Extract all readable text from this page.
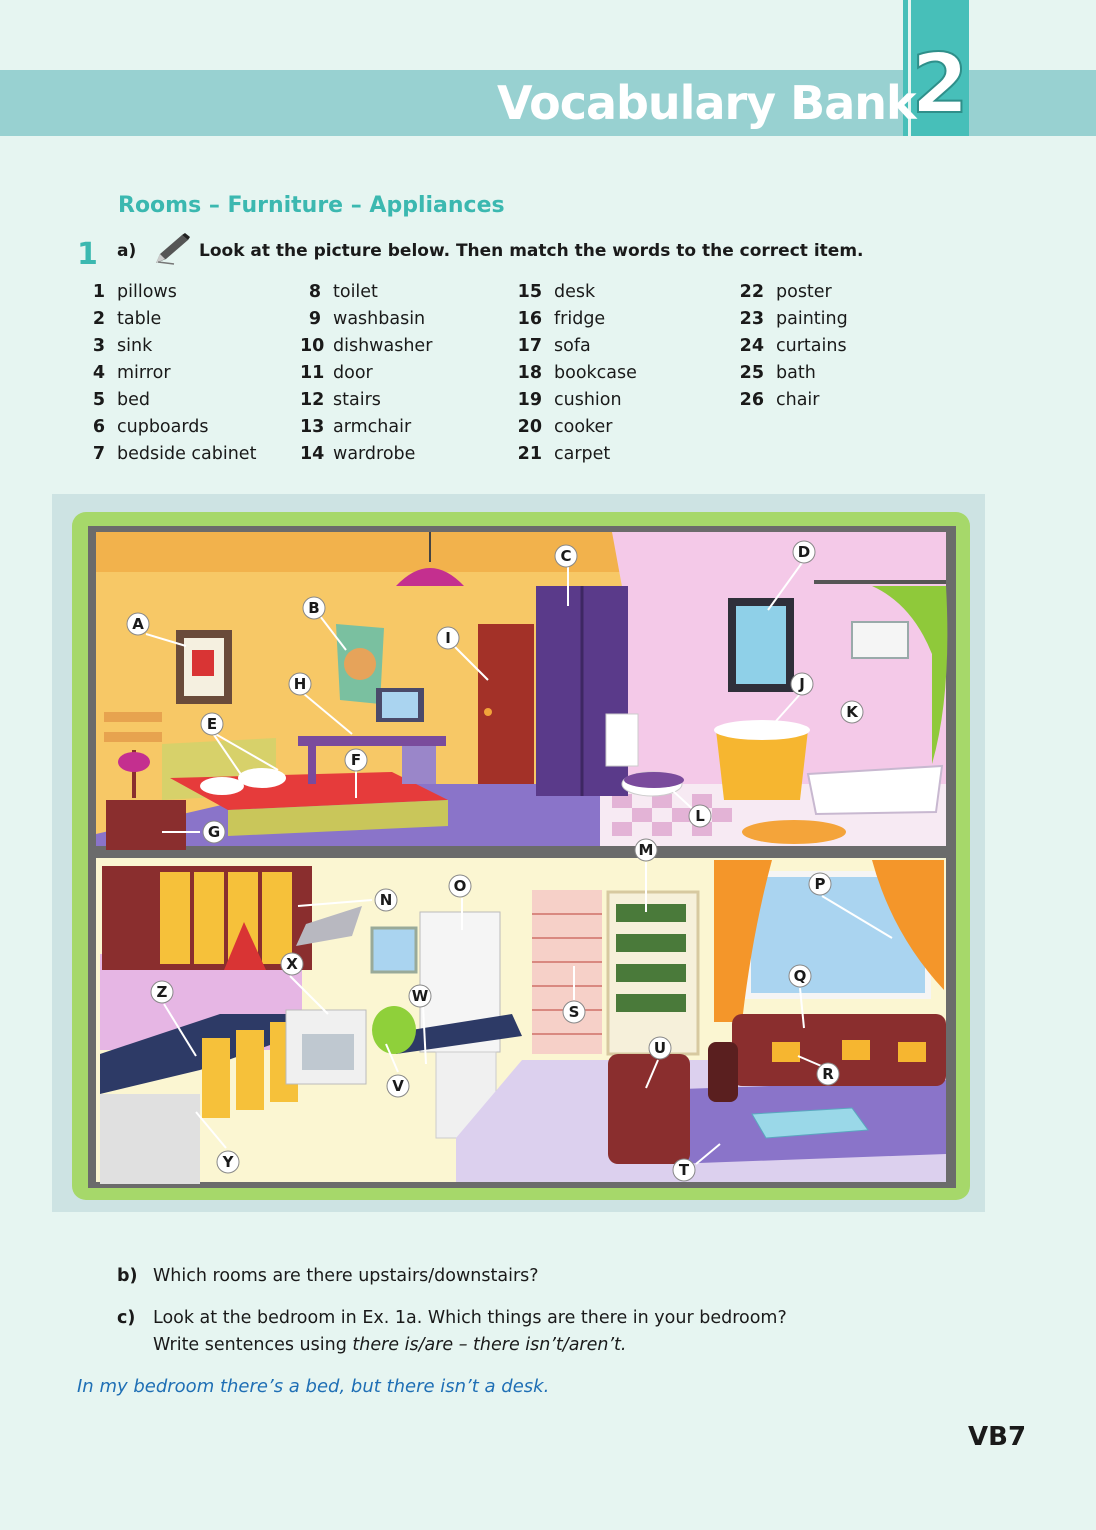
2
Vocabulary Bank
Rooms – Furniture – Appliances
1 a)	Look at the picture below. Then match the words to the correct item.
1 pillows
2 table
3 sink
4 mirror
5 bed
6 cupboards
7 bedside cabinet
8 toilet
9 washbasin
10 dishwasher
11 door
12 stairs
13 armchair
14 wardrobe
15 desk
16 fridge
17 sofa
18 bookcase
19 cushion
20 cooker
21 carpet
22 poster
23 painting
24 curtains
25 bath
26 chair
A
B
C	D
E
F
G
H
I
J
K
L
M
N
O	P
Q
R
S
T
U
V
W
X
Y
Z
b) Which rooms are there upstairs/downstairs?
c) Look at the bedroom in Ex. 1a. Which things are there in your bedroom?
Write sentences using there is/are – there isn’t/aren’t.
In my bedroom there’s a bed, but there isn’t a desk.
VB7
